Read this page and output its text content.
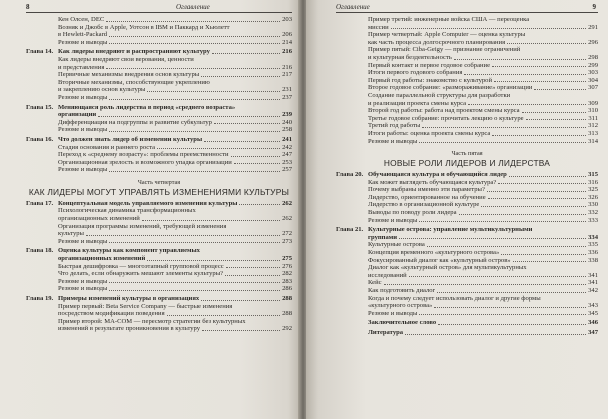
8	Оглавление
Кен Олсен, DEC	203
Возняк и Джобс в Apple, Уотсон в IBM и Паккард и Хьюлетт
в Hewlett-Packard	206
Резюме и выводы	214
Глава 14. Как лидеры внедряют и распространяют культуру	216
Как лидеры внедряют свои верования, ценности
и представления	216
Первичные механизмы внедрения основ культуры	217
Вторичные механизмы, способствующие укреплению
и закреплению основ культуры	231
Резюме и выводы	237
Глава 15. Меняющаяся роль лидерства в период «среднего возраста»
организации	239
Дифференциация на подгруппы и развитие субкультур	240
Резюме и выводы	258
Глава 16. Что должен знать лидер об изменении культуры	241
Стадия основания и раннего роста	242
Переход к «среднему возрасту»: проблемы преемственности	247
Организационная зрелость и возможного упадка организации	253
Резюме и выводы	257
Часть четвертая
КАК ЛИДЕРЫ МОГУТ УПРАВЛЯТЬ ИЗМЕНЕНИЯМИ КУЛЬТУРЫ
Глава 17. Концептуальная модель управляемого изменения культуры	262
Психологическая динамика трансформационных
организационных изменений	262
Организация программы изменений, требующей изменения
культуры	272
Резюме и выводы	273
Глава 18. Оценка культуры как компонент управляемых
организационных изменений	275
Быстрая дешифровка — многоэтапный групповой процесс	276
Что делать, если обнаружить мешают элементы культуры?	282
Резюме и выводы	283
Резюме и выводы	286
Глава 19. Примеры изменений культуры в организациях	288
Пример первый: Beta Service Company — быстрые изменения
посредством модификации поведения	288
Пример второй: MA-COM — пересмотр стратегии без культурных
изменений в результате проникновения в культуру	292
Оглавление	9
Пример третий: инженерные войска США — переоценка
миссии	291
Пример четвертый: Apple Computer — оценка культуры
как часть процесса долгосрочного планирования	296
Пример пятый: Ciba-Geigy — признание ограничений
и культурная бездеятельность	298
Первый контакт и первое годовое собрание	299
Итоги первого годового собрания	303
Первый год работы: знакомство с культурой	304
Второе годовое собрание: «размораживание» организации	307
Создание параллельной структуры для разработки
и реализации проекта смены курса	309
Второй год работы: работа над проектом смены курса	310
Третье годовое собрание: прочитать лекцию о культуре	311
Третий год работы	312
Итоги работы: оценка проекта смены курса	313
Резюме и выводы	314
Часть пятая
НОВЫЕ РОЛИ ЛИДЕРОВ И ЛИДЕРСТВА
Глава 20. Обучающаяся культура и обучающийся лидер	315
Как может выглядеть обучающаяся культура?	316
Почему выбраны именно эти параметры?	325
Лидерство, ориентированное на обучение	326
Лидерство в организационной культуре	330
Выводы по поводу роли лидера	332
Резюме и выводы	333
Глава 21. Культурные острова: управление мультикультурными
группами	334
Культурные острова	335
Концепция временного «культурного острова»	336
Фокусированный диалог как «культурный остров»	338
Диалог как «культурный остров» для мультикультурных
исследований	341
Кейс	341
Как подготовить диалог	342
Когда и почему следует использовать диалог и другие формы
«культурного острова»	343
Резюме и выводы	345
Заключительное слово	346
Литература	347
